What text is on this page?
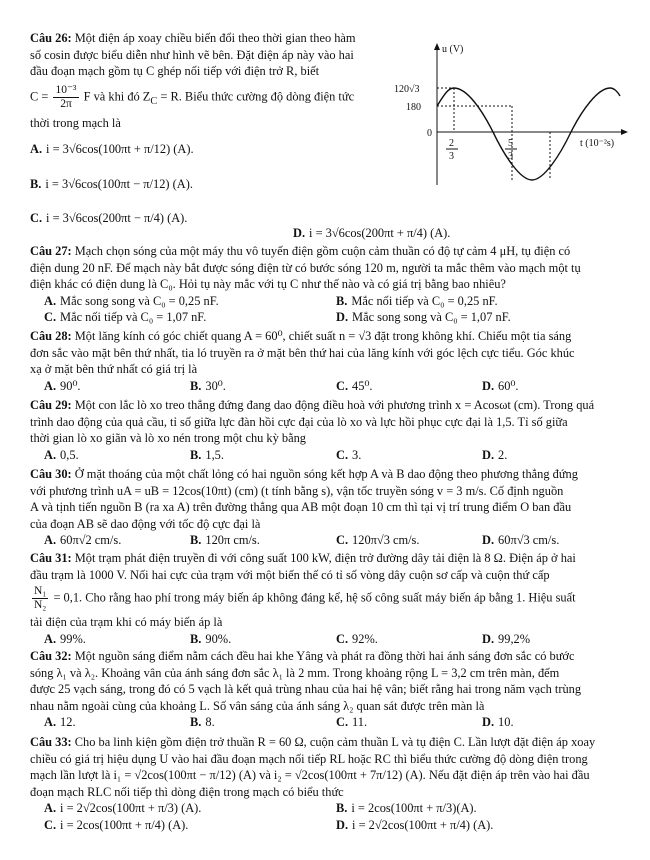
Câu 26: Một điện áp xoay chiều biến đổi theo thời gian theo hàm
số cosin được biểu diễn như hình vẽ bên. Đặt điện áp này vào hai
đầu đoạn mạch gồm tụ C ghép nối tiếp với điện trở R, biết
$C = \frac{\text{10⁻³}}{2\pi}$ F và khi đó $Z_C = R$. Biểu thức cường độ dòng điện tức
thời trong mạch là
A. i = 3√6cos(100πt + π/12) (A).
B. i = 3√6cos(100πt − π/12) (A).
C. i = 3√6cos(200πt − π/4) (A).
D. i = 3√6cos(200πt + π/4) (A).
u (V)
120√3
180
0
t (10⁻²s)
2
3
5
3
Câu 27: Mạch chọn sóng của một máy thu vô tuyến điện gồm cuộn cảm thuần có độ tự cảm 4 μH, tụ điện có
điện dung 20 nF. Để mạch này bắt được sóng điện từ có bước sóng 120 m, người ta mắc thêm vào mạch một tụ
điện khác có điện dung là C₀. Hỏi tụ này mắc với tụ C như thế nào và có giá trị bằng bao nhiêu?
A. Mắc song song và C₀ = 0,25 nF.	B. Mắc nối tiếp và C₀ = 0,25 nF.
C. Mắc nối tiếp và C₀ = 1,07 nF.	D. Mắc song song và C₀ = 1,07 nF.
Câu 28: Một lăng kính có góc chiết quang A = 60⁰, chiết suất n = √3 đặt trong không khí. Chiếu một tia sáng
đơn sắc vào mặt bên thứ nhất, tia ló truyền ra ở mặt bên thứ hai của lăng kính với góc lệch cực tiểu. Góc khúc
xạ ở mặt bên thứ nhất có giá trị là
A. 90⁰.	B. 30⁰.	C. 45⁰.	D. 60⁰.
Câu 29: Một con lắc lò xo treo thẳng đứng đang dao động điều hoà với phương trình x = Acosωt (cm). Trong quá
trình dao động của quả cầu, tỉ số giữa lực đàn hồi cực đại của lò xo và lực hồi phục cực đại là 1,5. Tỉ số giữa
thời gian lò xo giãn và lò xo nén trong một chu kỳ bằng
A. 0,5.	B. 1,5.	C. 3.	D. 2.
Câu 30: Ở mặt thoáng của một chất lỏng có hai nguồn sóng kết hợp A và B dao động theo phương thẳng đứng
với phương trình uA = uB = 12cos(10πt) (cm) (t tính bằng s), vận tốc truyền sóng v = 3 m/s. Cố định nguồn
A và tịnh tiến nguồn B (ra xa A) trên đường thẳng qua AB một đoạn 10 cm thì tại vị trí trung điểm O ban đầu
của đoạn AB sẽ dao động với tốc độ cực đại là
A. 60π√2 cm/s.	B. 120π cm/s.	C. 120π√3 cm/s.	D. 60π√3 cm/s.
Câu 31: Một trạm phát điện truyền đi với công suất 100 kW, điện trở đường dây tải điện là 8 Ω. Điện áp ở hai
đầu trạm là 1000 V. Nối hai cực của trạm với một biến thế có tỉ số vòng dây cuộn sơ cấp và cuộn thứ cấp
$\frac{\text{N₁}}{\text{N₂}} = 0,1$. Cho rằng hao phí trong máy biến áp không đáng kể, hệ số công suất máy biến áp bằng 1. Hiệu suất
tải điện của trạm khi có máy biến áp là
A. 99%.	B. 90%.	C. 92%.	D. 99,2%
Câu 32: Một nguồn sáng điểm nằm cách đều hai khe Yâng và phát ra đồng thời hai ánh sáng đơn sắc có bước
sóng λ₁ và λ₂. Khoảng vân của ánh sáng đơn sắc λ₁ là 2 mm. Trong khoảng rộng L = 3,2 cm trên màn, đếm
được 25 vạch sáng, trong đó có 5 vạch là kết quả trùng nhau của hai hệ vân; biết rằng hai trong năm vạch trùng
nhau nằm ngoài cùng của khoảng L. Số vân sáng của ánh sáng λ₂ quan sát được trên màn là
A. 12.	B. 8.	C. 11.	D. 10.
Câu 33: Cho ba linh kiện gồm điện trở thuần R = 60 Ω, cuộn cảm thuần L và tụ điện C. Lần lượt đặt điện áp xoay
chiều có giá trị hiệu dụng U vào hai đầu đoạn mạch nối tiếp RL hoặc RC thì biểu thức cường độ dòng điện trong
mạch lần lượt là i₁ = √2cos(100πt − π/12) (A) và i₂ = √2cos(100πt + 7π/12) (A). Nếu đặt điện áp trên vào hai đầu
đoạn mạch RLC nối tiếp thì dòng điện trong mạch có biểu thức
A. i = 2√2cos(100πt + π/3) (A).	B. i = 2cos(100πt + π/3)(A).
C. i = 2cos(100πt + π/4) (A).	D. i = 2√2cos(100πt + π/4) (A).
